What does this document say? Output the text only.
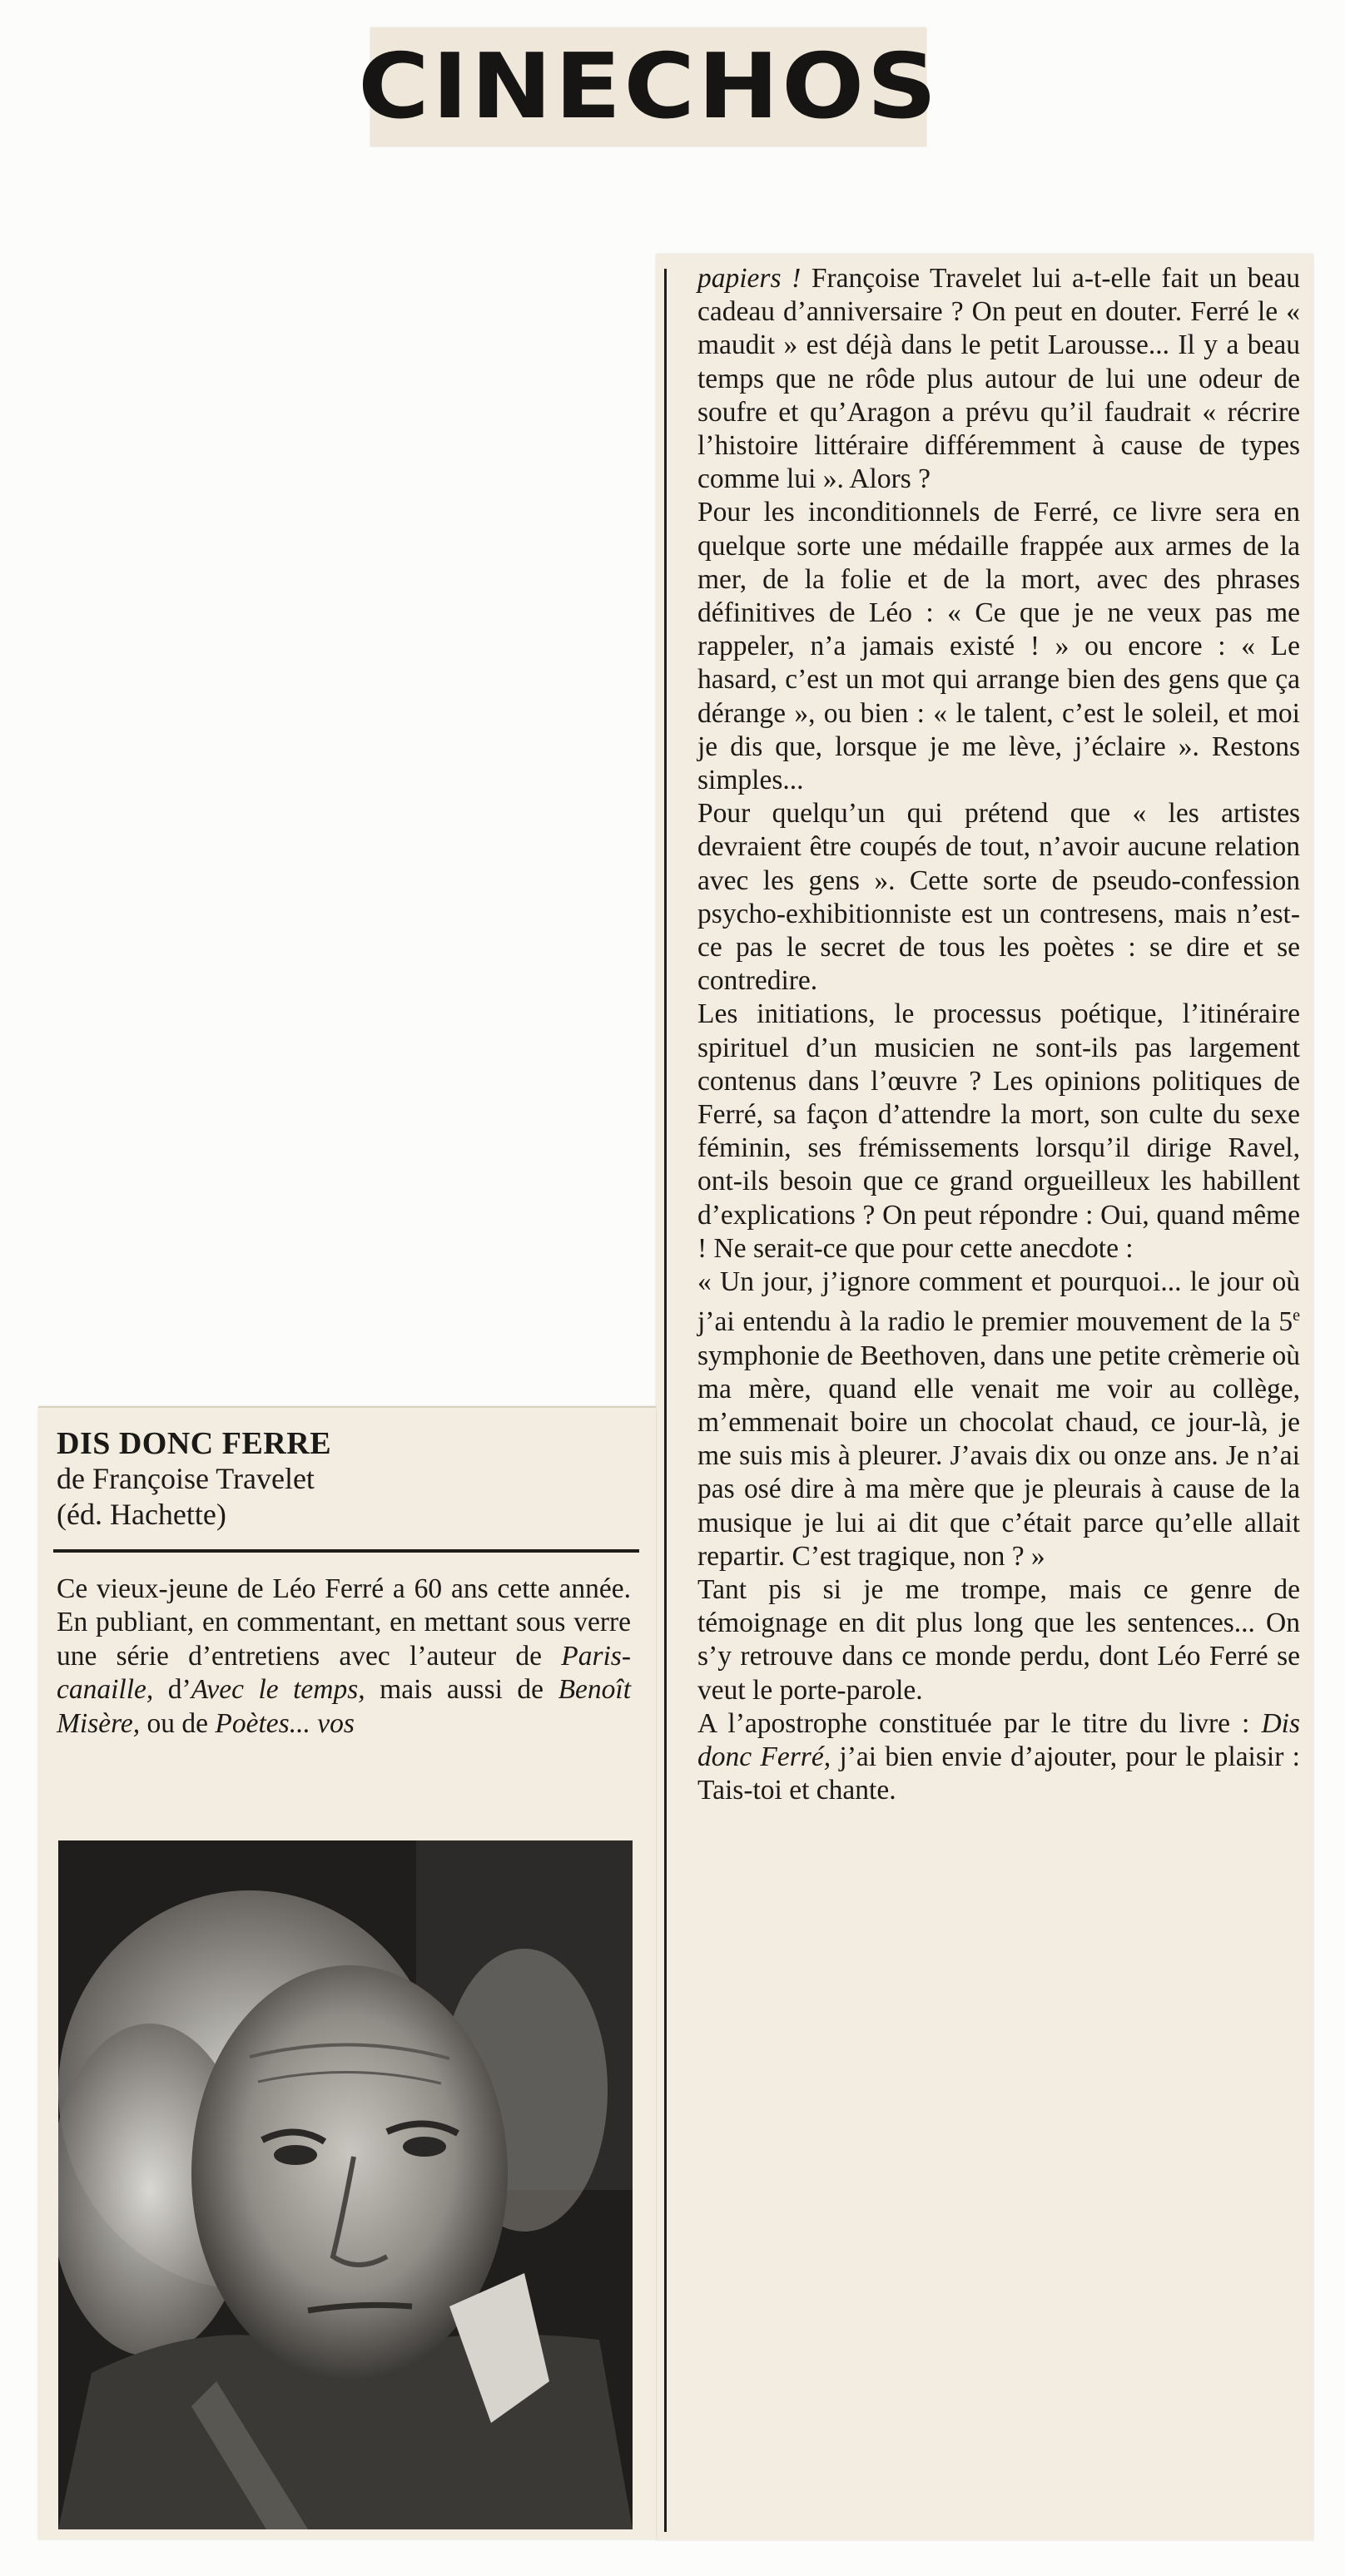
CINECHOS
papiers ! Françoise Travelet lui a-t-elle fait un beau cadeau d’anniversaire ? On peut en douter. Ferré le « maudit » est déjà dans le petit Larousse... Il y a beau temps que ne rôde plus autour de lui une odeur de soufre et qu’Aragon a prévu qu’il faudrait « récrire l’histoire littéraire différemment à cause de types comme lui ». Alors ?
Pour les inconditionnels de Ferré, ce livre sera en quelque sorte une médaille frappée aux armes de la mer, de la folie et de la mort, avec des phrases définitives de Léo : « Ce que je ne veux pas me rappeler, n’a jamais existé ! » ou encore : « Le hasard, c’est un mot qui arrange bien des gens que ça dérange », ou bien : « le talent, c’est le soleil, et moi je dis que, lorsque je me lève, j’éclaire ». Restons simples...
Pour quelqu’un qui prétend que « les artistes devraient être coupés de tout, n’avoir aucune relation avec les gens ». Cette sorte de pseudo-confession psycho-exhibitionniste est un contresens, mais n’est-ce pas le secret de tous les poètes : se dire et se contredire.
Les initiations, le processus poétique, l’itinéraire spirituel d’un musicien ne sont-ils pas largement contenus dans l’œuvre ? Les opinions politiques de Ferré, sa façon d’attendre la mort, son culte du sexe féminin, ses frémissements lorsqu’il dirige Ravel, ont-ils besoin que ce grand orgueilleux les habillent d’explications ? On peut répondre : Oui, quand même ! Ne serait-ce que pour cette anecdote :
« Un jour, j’ignore comment et pourquoi... le jour où j’ai entendu à la radio le premier mouvement de la 5e symphonie de Beethoven, dans une petite crèmerie où ma mère, quand elle venait me voir au collège, m’emmenait boire un chocolat chaud, ce jour-là, je me suis mis à pleurer. J’avais dix ou onze ans. Je n’ai pas osé dire à ma mère que je pleurais à cause de la musique je lui ai dit que c’était parce qu’elle allait repartir. C’est tragique, non ? »
Tant pis si je me trompe, mais ce genre de témoignage en dit plus long que les sentences... On s’y retrouve dans ce monde perdu, dont Léo Ferré se veut le porte-parole.
A l’apostrophe constituée par le titre du livre : Dis donc Ferré, j’ai bien envie d’ajouter, pour le plaisir : Tais-toi et chante.
DIS DONC FERRE
de Françoise Travelet
(éd. Hachette)
Ce vieux-jeune de Léo Ferré a 60 ans cette année. En publiant, en commentant, en mettant sous verre une série d’entretiens avec l’auteur de Paris-canaille, d’Avec le temps, mais aussi de Benoît Misère, ou de Poètes... vos
